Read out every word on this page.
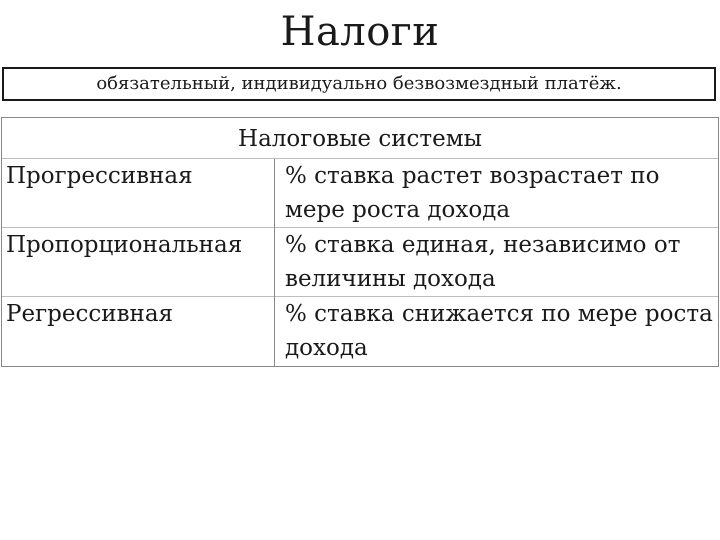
Налоги
обязательный, индивидуально безвозмездный платёж.
Налоговые системы	
Прогрессивная	% ставка растет возрастает по мере роста дохода
Пропорциональная	% ставка единая, независимо от величины дохода
Регрессивная	% ставка снижается по мере роста дохода
